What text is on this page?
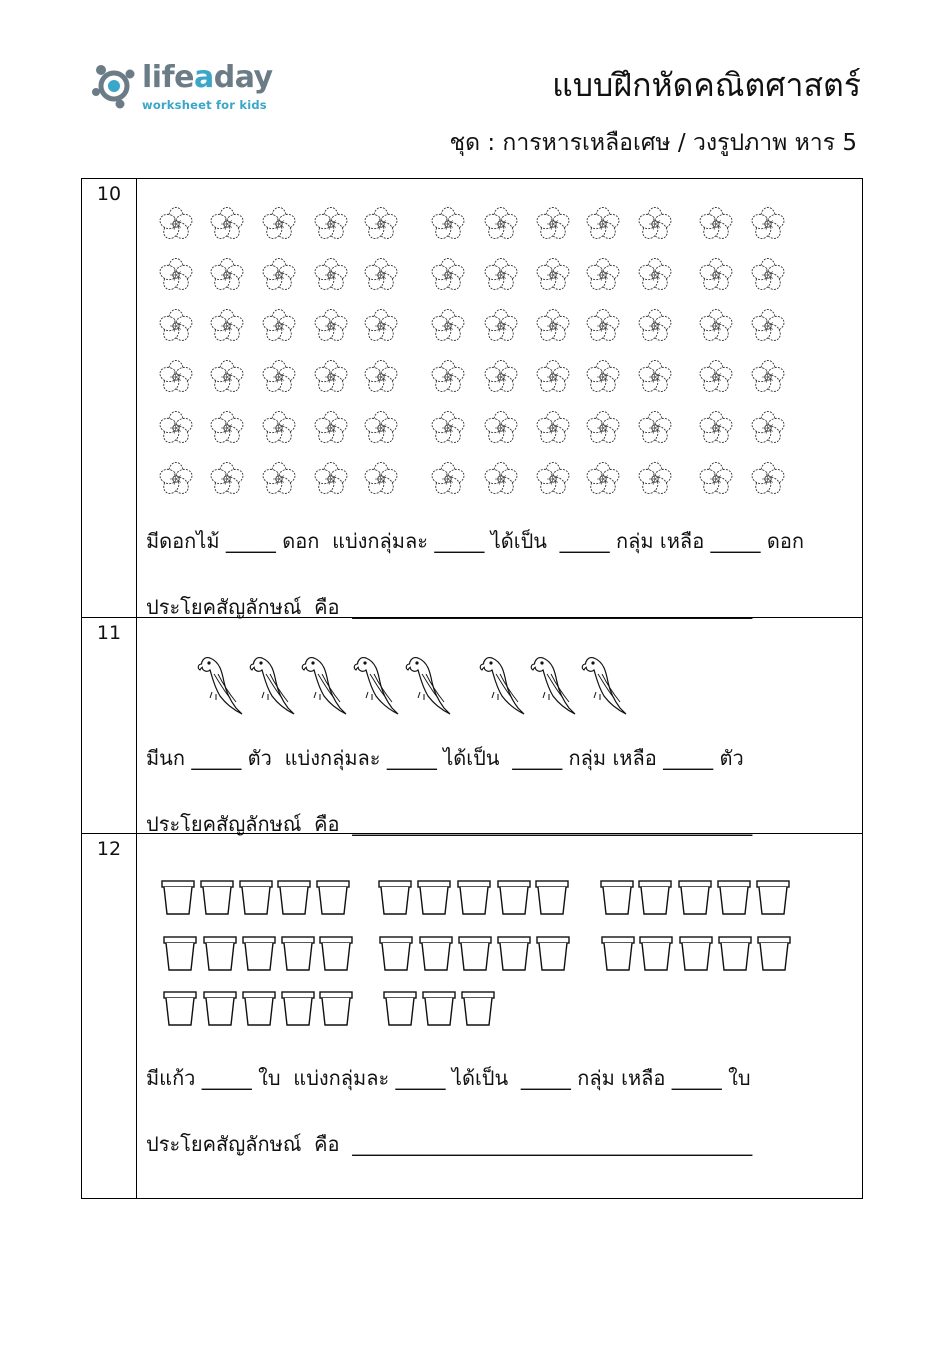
lifeaday
worksheet for kids
แบบฝึกหัดคณิตศาสตร์
ชุด : การหารเหลือเศษ / วงรูปภาพ หาร 5
10
มีดอกไม้ _____ ดอก  แบ่งกลุ่มละ _____ ได้เป็น  _____ กลุ่ม เหลือ _____ ดอก
ประโยคสัญลักษณ์  คือ  ________________________________________
11
มีนก _____ ตัว  แบ่งกลุ่มละ _____ ได้เป็น  _____ กลุ่ม เหลือ _____ ตัว
ประโยคสัญลักษณ์  คือ  ________________________________________
12
มีแก้ว _____ ใบ  แบ่งกลุ่มละ _____ ได้เป็น  _____ กลุ่ม เหลือ _____ ใบ
ประโยคสัญลักษณ์  คือ  ________________________________________
